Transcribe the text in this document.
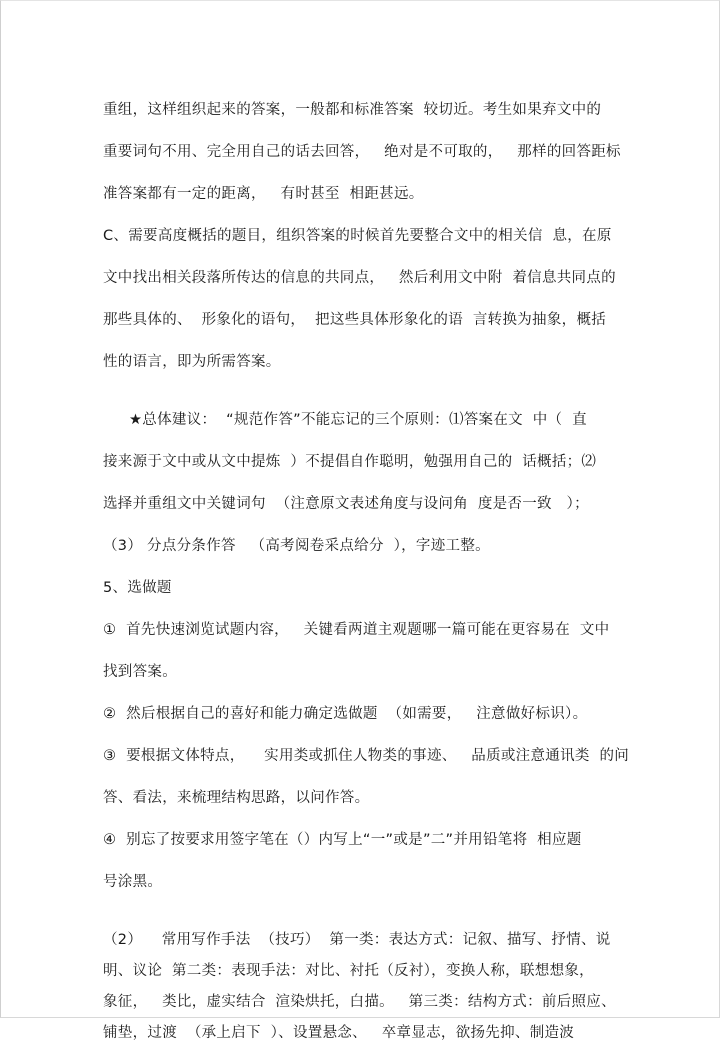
重组，这样组织起来的答案，一般都和标准答案  较切近。考生如果弃文中的
重要词句不用、完全用自己的话去回答，   绝对是不可取的，   那样的回答距标
准答案都有一定的距离，   有时甚至  相距甚远。
C、需要高度概括的题目，组织答案的时候首先要整合文中的相关信  息，在原
文中找出相关段落所传达的信息的共同点，   然后利用文中附  着信息共同点的
那些具体的、  形象化的语句，  把这些具体形象化的语  言转换为抽象，概括
性的语言，即为所需答案。
★总体建议：  “规范作答”不能忘记的三个原则：⑴答案在文  中（  直
接来源于文中或从文中提炼  ）不提倡自作聪明，勉强用自己的  话概括；⑵
选择并重组文中关键词句  （注意原文表述角度与设问角  度是否一致   ）；
（3） 分点分条作答   （高考阅卷采点给分  ），字迹工整。
5、选做题
①  首先快速浏览试题内容，   关键看两道主观题哪一篇可能在更容易在  文中
找到答案。
②  然后根据自己的喜好和能力确定选做题  （如需要，   注意做好标识）。
③  要根据文体特点，    实用类或抓住人物类的事迹、   品质或注意通讯类  的问
答、看法，来梳理结构思路，以问作答。
④  别忘了按要求用签字笔在（）内写上“一”或是”二”并用铅笔将  相应题
号涂黑。
（2）    常用写作手法  （技巧）  第一类：表达方式：记叙、描写、抒情、说
明、议论  第二类：表现手法：对比、衬托（反衬），变换人称，联想想象，
象征，   类比，虚实结合  渲染烘托，白描。   第三类：结构方式：前后照应、
铺垫，过渡  （承上启下  ）、设置悬念、   卒章显志，欲扬先抑、制造波
